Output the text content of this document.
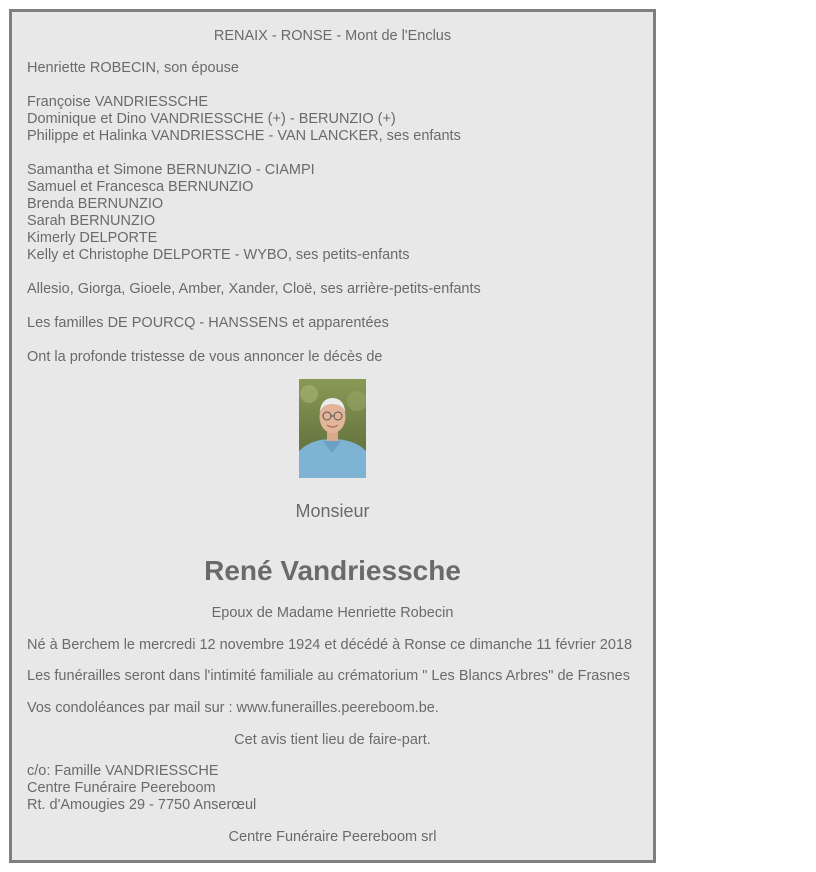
RENAIX - RONSE - Mont de l'Enclus
Henriette ROBECIN, son épouse
Françoise VANDRIESSCHE
Dominique et Dino VANDRIESSCHE (+) - BERUNZIO (+)
Philippe et Halinka VANDRIESSCHE - VAN LANCKER, ses enfants
Samantha et Simone BERNUNZIO - CIAMPI
Samuel et Francesca BERNUNZIO
Brenda BERNUNZIO
Sarah BERNUNZIO
Kimerly DELPORTE
Kelly et Christophe DELPORTE - WYBO, ses petits-enfants
Allesio, Giorga, Gioele, Amber, Xander, Cloë, ses arrière-petits-enfants
Les familles DE POURCQ - HANSSENS et apparentées
Ont la profonde tristesse de vous annoncer le décès de
Monsieur
René Vandriessche
Epoux de Madame Henriette Robecin
Né à Berchem le mercredi 12 novembre 1924 et décédé à Ronse ce dimanche 11 février 2018
Les funérailles seront dans l'intimité familiale au crématorium " Les Blancs Arbres" de Frasnes
Vos condoléances par mail sur : www.funerailles.peereboom.be.
Cet avis tient lieu de faire-part.
c/o: Famille VANDRIESSCHE
Centre Funéraire Peereboom
Rt. d'Amougies 29 - 7750 Anserœul
Centre Funéraire Peereboom srl
